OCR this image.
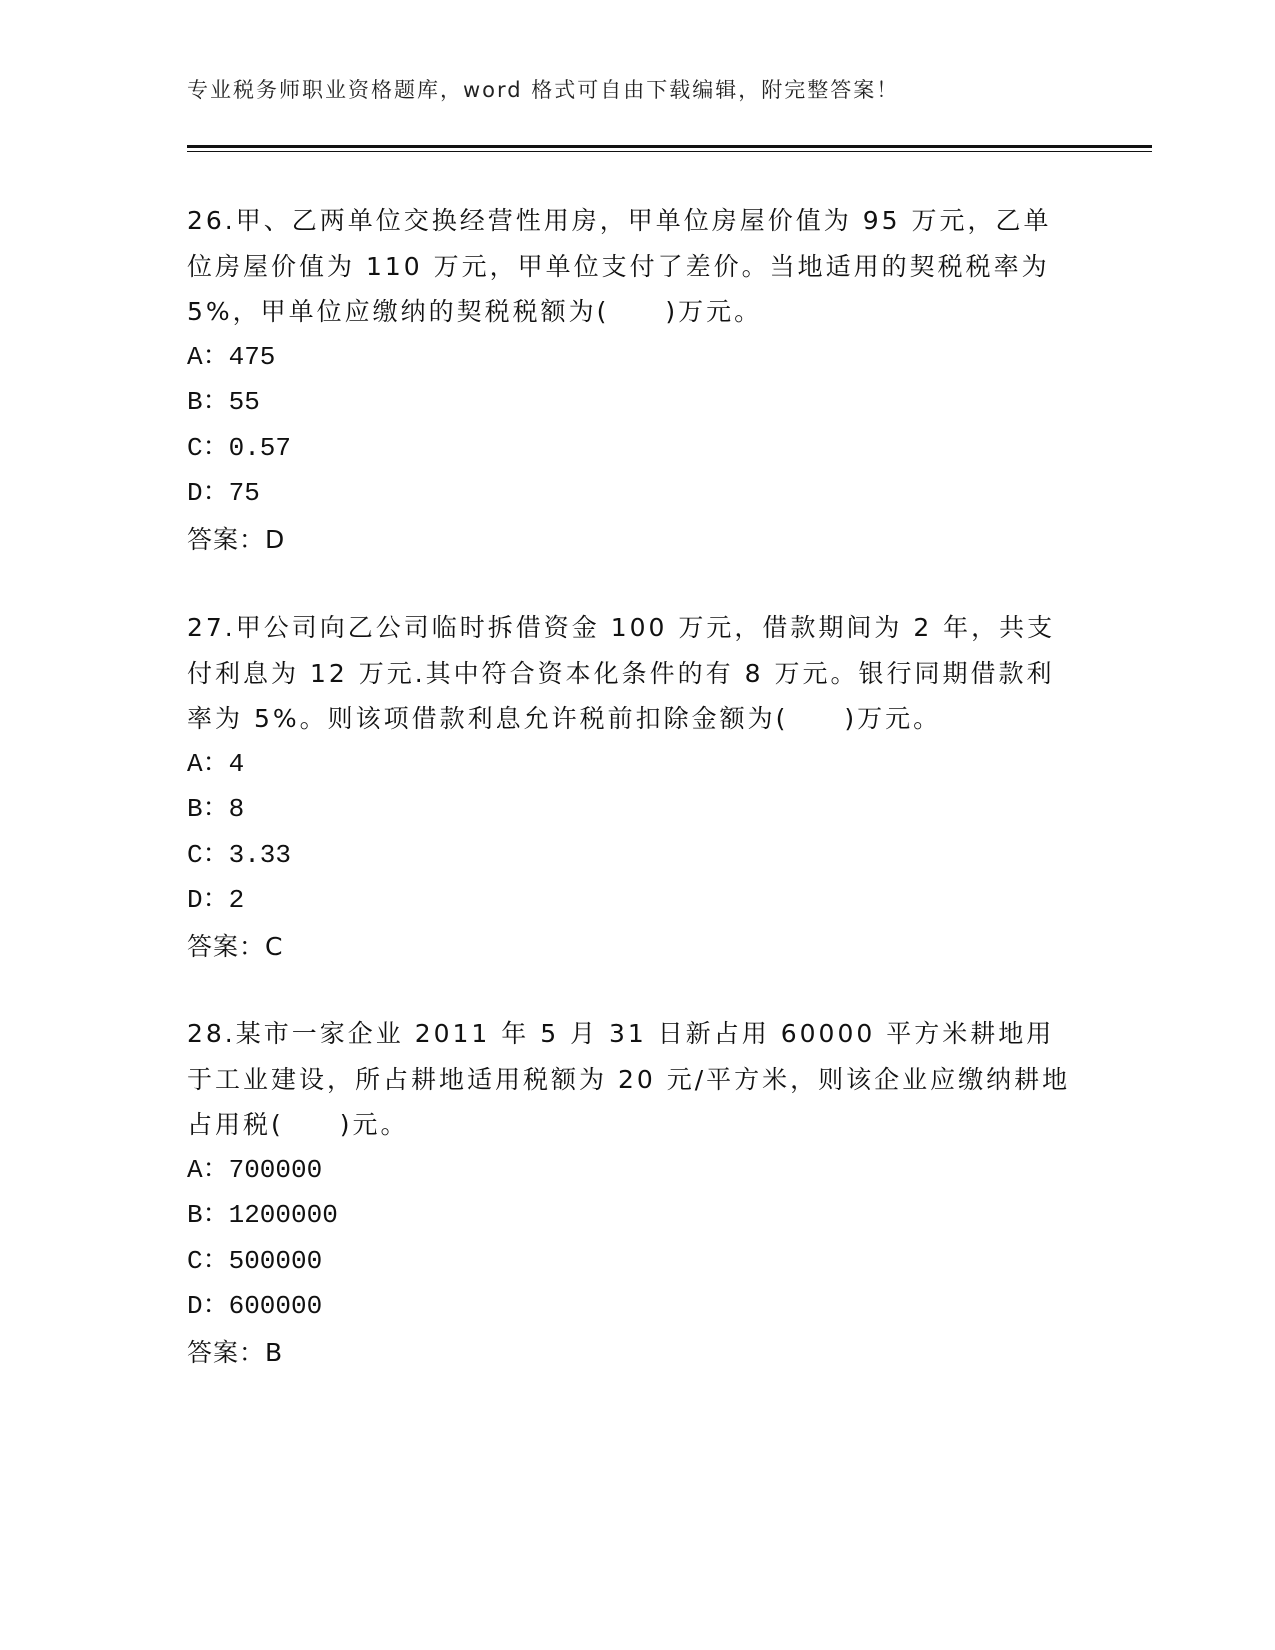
专业税务师职业资格题库，word 格式可自由下载编辑，附完整答案！

26.甲、乙两单位交换经营性用房，甲单位房屋价值为 95 万元，乙单位房屋价值为 110 万元，甲单位支付了差价。当地适用的契税税率为 5%，甲单位应缴纳的契税税额为(　　)万元。

A：475
B：55
C：0.57
D：75
答案：D

27.甲公司向乙公司临时拆借资金 100 万元，借款期间为 2 年，共支付利息为 12 万元.其中符合资本化条件的有 8 万元。银行同期借款利率为 5%。则该项借款利息允许税前扣除金额为(　　)万元。

A：4
B：8
C：3.33
D：2
答案：C

28.某市一家企业 2011 年 5 月 31 日新占用 60000 平方米耕地用于工业建设，所占耕地适用税额为 20 元/平方米，则该企业应缴纳耕地占用税(　　)元。

A：700000
B：1200000
C：500000
D：600000
答案：B
